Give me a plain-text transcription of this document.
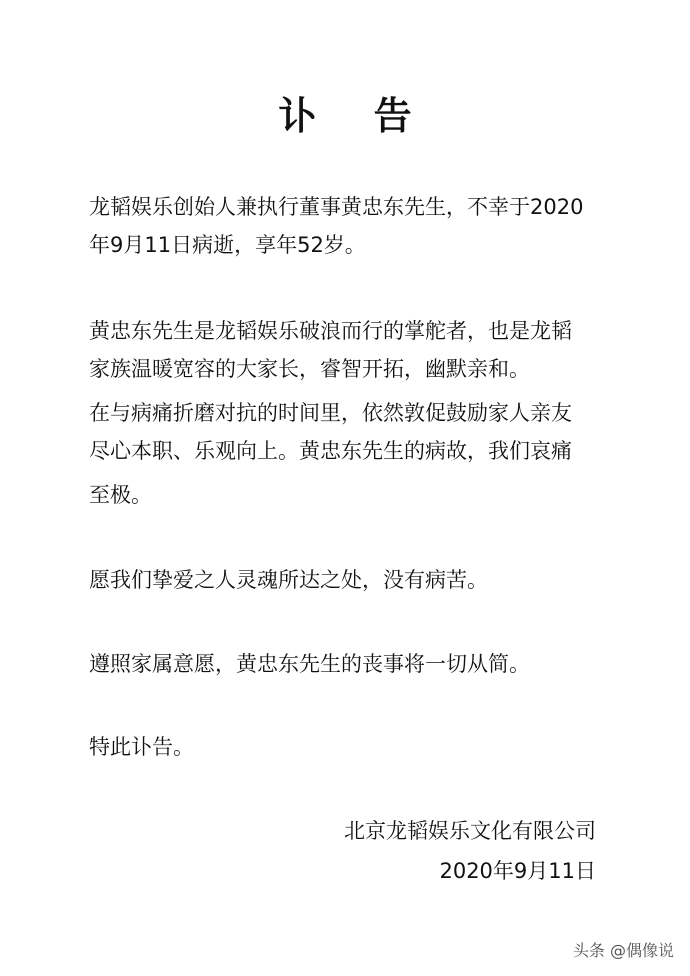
讣 告
龙韬娱乐创始人兼执行董事黄忠东先生，不幸于2020
年9月11日病逝，享年52岁。
黄忠东先生是龙韬娱乐破浪而行的掌舵者，也是龙韬
家族温暖宽容的大家长，睿智开拓，幽默亲和。
在与病痛折磨对抗的时间里，依然敦促鼓励家人亲友
尽心本职、乐观向上。黄忠东先生的病故，我们哀痛
至极。
愿我们挚爱之人灵魂所达之处，没有病苦。
遵照家属意愿，黄忠东先生的丧事将一切从简。
特此讣告。
北京龙韬娱乐文化有限公司
2020年9月11日
头条 @偶像说
